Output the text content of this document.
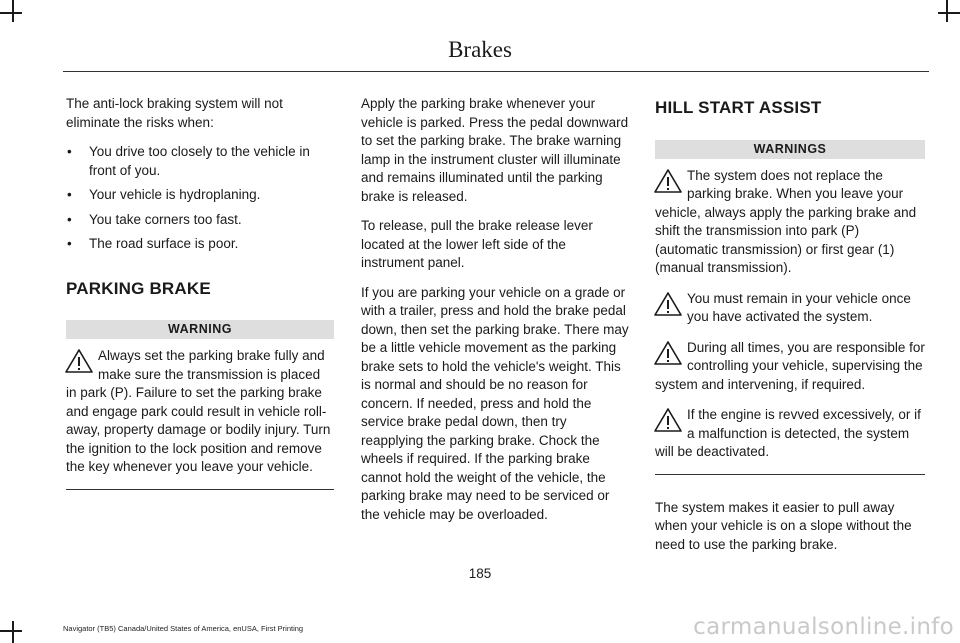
Brakes

The anti-lock braking system will not eliminate the risks when:

• You drive too closely to the vehicle in front of you.
• Your vehicle is hydroplaning.
• You take corners too fast.
• The road surface is poor.
PARKING BRAKE
WARNING
Always set the parking brake fully and make sure the transmission is placed in park (P). Failure to set the parking brake and engage park could result in vehicle roll-away, property damage or bodily injury. Turn the ignition to the lock position and remove the key whenever you leave your vehicle.

Apply the parking brake whenever your vehicle is parked. Press the pedal downward to set the parking brake. The brake warning lamp in the instrument cluster will illuminate and remains illuminated until the parking brake is released.

To release, pull the brake release lever located at the lower left side of the instrument panel.

If you are parking your vehicle on a grade or with a trailer, press and hold the brake pedal down, then set the parking brake. There may be a little vehicle movement as the parking brake sets to hold the vehicle's weight. This is normal and should be no reason for concern. If needed, press and hold the service brake pedal down, then try reapplying the parking brake. Chock the wheels if required. If the parking brake cannot hold the weight of the vehicle, the parking brake may need to be serviced or the vehicle may be overloaded.

HILL START ASSIST
WARNINGS
The system does not replace the parking brake. When you leave your vehicle, always apply the parking brake and shift the transmission into park (P) (automatic transmission) or first gear (1) (manual transmission).
You must remain in your vehicle once you have activated the system.
During all times, you are responsible for controlling your vehicle, supervising the system and intervening, if required.
If the engine is revved excessively, or if a malfunction is detected, the system will be deactivated.

The system makes it easier to pull away when your vehicle is on a slope without the need to use the parking brake.

185
Navigator (TB5) Canada/United States of America, enUSA, First Printing	carmanualsonline.info
